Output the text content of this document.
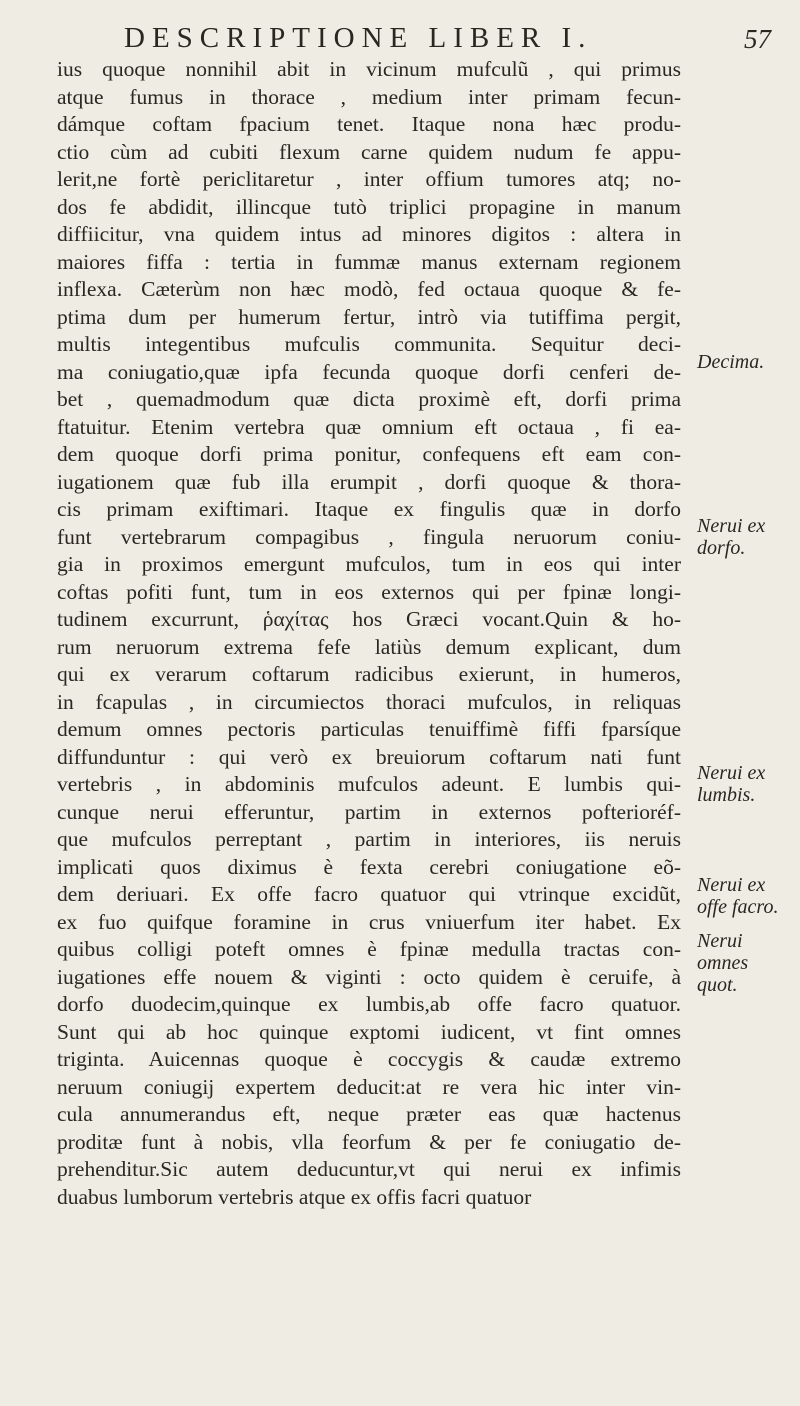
DESCRIPTIONE LIBER I.	57
ius quoque nonnihil abit in vicinum mufculũ , qui primus
atque fumus in thorace , medium inter primam fecun-
dámque coftam fpacium tenet. Itaque nona hæc produ-
ctio cùm ad cubiti flexum carne quidem nudum fe appu-
lerit,ne fortè periclitaretur , inter offium tumores atq; no-
dos fe abdidit, illincque tutò triplici propagine in manum
diffiicitur, vna quidem intus ad minores digitos : altera in
maiores fiffa : tertia in fummæ manus externam regionem
inflexa. Cæterùm non hæc modò, fed octaua quoque & fe-
ptima dum per humerum fertur, intrò via tutiffima pergit,
multis integentibus mufculis communita. Sequitur deci-
ma coniugatio,quæ ipfa fecunda quoque dorfi cenferi de-
bet , quemadmodum quæ dicta proximè eft, dorfi prima
ftatuitur. Etenim vertebra quæ omnium eft octaua , fi ea-
dem quoque dorfi prima ponitur, confequens eft eam con-
iugationem quæ fub illa erumpit , dorfi quoque & thora-
cis primam exiftimari. Itaque ex fingulis quæ in dorfo
funt vertebrarum compagibus , fingula neruorum coniu-
gia in proximos emergunt mufculos, tum in eos qui inter
coftas pofiti funt, tum in eos externos qui per fpinæ longi-
tudinem excurrunt, ῥαχίτας hos Græci vocant.Quin & ho-
rum neruorum extrema fefe latiùs demum explicant, dum
qui ex verarum coftarum radicibus exierunt, in humeros,
in fcapulas , in circumiectos thoraci mufculos, in reliquas
demum omnes pectoris particulas tenuiffimè fiffi fparsíque
diffunduntur : qui verò ex breuiorum coftarum nati funt
vertebris , in abdominis mufculos adeunt. E lumbis qui-
cunque nerui efferuntur, partim in externos pofterioréf-
que mufculos perreptant , partim in interiores, iis neruis
implicati quos diximus è fexta cerebri coniugatione eõ-
dem deriuari. Ex offe facro quatuor qui vtrinque excidũt,
ex fuo quifque foramine in crus vniuerfum iter habet. Ex
quibus colligi poteft omnes è fpinæ medulla tractas con-
iugationes effe nouem & viginti : octo quidem è ceruife, à
dorfo duodecim,quinque ex lumbis,ab offe facro quatuor.
Sunt qui ab hoc quinque exptomi iudicent, vt fint omnes
triginta. Auicennas quoque è coccygis & caudæ extremo
neruum coniugij expertem deducit:at re vera hic inter vin-
cula annumerandus eft, neque præter eas quæ hactenus
proditæ funt à nobis, vlla feorfum & per fe coniugatio de-
prehenditur.Sic autem deducuntur,vt qui nerui ex infimis
duabus lumborum vertebris atque ex offis facri quatuor
Decima.
Nerui ex
dorfo.
Nerui ex
lumbis.
Nerui ex
offe facro.
Nerui
omnes
quot.
